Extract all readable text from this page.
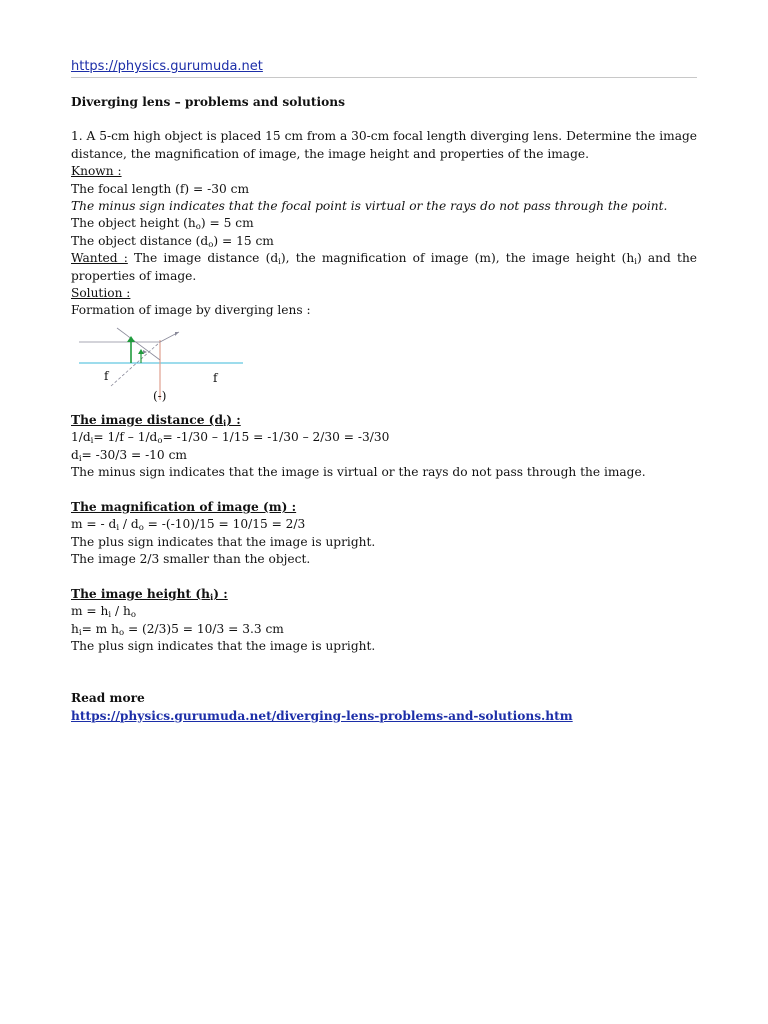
https://physics.gurumuda.net
Diverging lens – problems and solutions
1. A 5-cm high object is placed 15 cm from a 30-cm focal length diverging lens. Determine the image distance, the magnification of image, the image height and properties of the image.
Known :
The focal length (f) = -30 cm
The minus sign indicates that the focal point is virtual or the rays do not pass through the point.
The object height $(h_o) = 5$ cm
The object distance $(d_o) = 15$ cm
Wanted : The image distance $(d_i)$, the magnification of image (m), the image height $(h_i)$ and the properties of image.
Solution :
Formation of image by diverging lens :
f	f
(-)
The image distance $(d_i)$ :
$1/d_i= 1/f - 1/d_o= -1/30 - 1/15 = -1/30 - 2/30 = -3/30$
$d_i= -30/3 = -10$ cm
The minus sign indicates that the image is virtual or the rays do not pass through the image.
The magnification of image (m) :
m = - $d_i / d_o = -(-10)/15 = 10/15 = 2/3$
The plus sign indicates that the image is upright.
The image 2/3 smaller than the object.
The image height $(h_i)$ :
$m = h_i / h_o$
$h_i= m$ $h_o = (2/3)5 = 10/3 = 3.3$ cm
The plus sign indicates that the image is upright.
Read more
https://physics.gurumuda.net/diverging-lens-problems-and-solutions.htm
